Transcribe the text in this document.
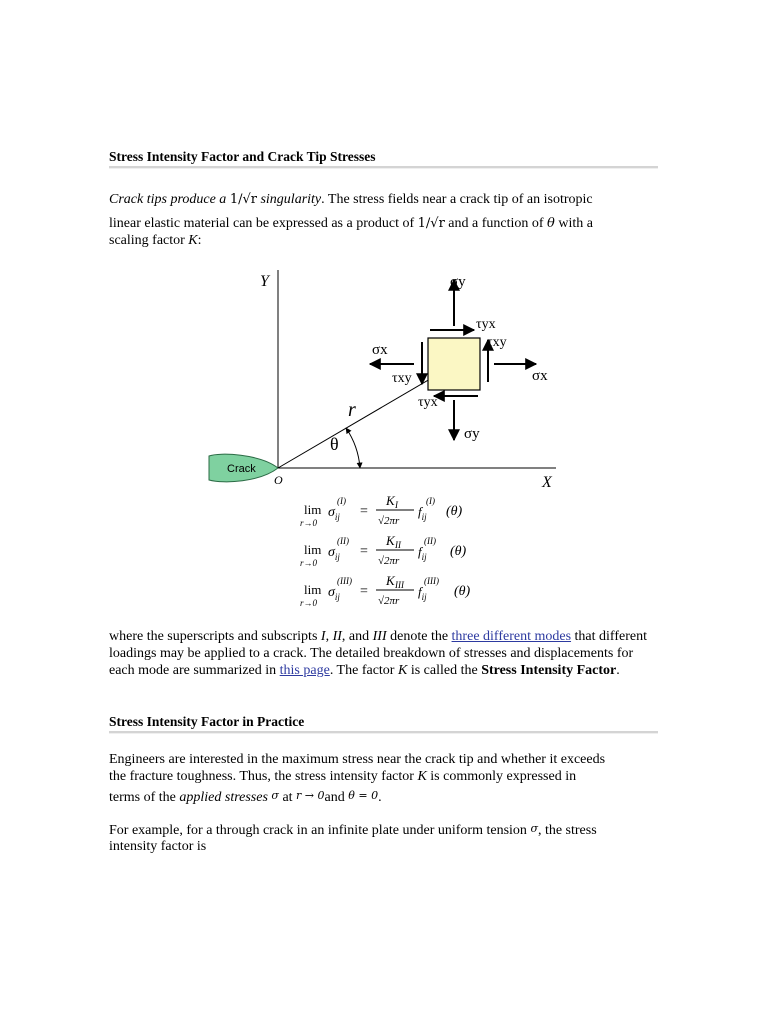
Stress Intensity Factor and Crack Tip Stresses
Crack tips produce a 1/√r singularity. The stress fields near a crack tip of an isotropic
linear elastic material can be expressed as a product of 1/√r and a function of θ with a
scaling factor K:
Y
X
O
Crack
r
θ
σy
τyx
τxy
σx
σx
τxy
τyx
σy
lim
r→0
$\sigma_{ij}$
(I)
=
K I
√2πr
$f_{ij}$
(I)
(θ)
lim
r→0
$\sigma_{ij}$
(II)
=
K II
√2πr
$f_{ij}$
(II)
(θ)
lim
r→0
$\sigma_{ij}$
(III)
=
K III
√2πr
$f_{ij}$
(III)
(θ)
where the superscripts and subscripts I, II, and III denote the three different modes that different loadings may be applied to a crack. The detailed breakdown of stresses and displacements for each mode are summarized in this page. The factor K is called the Stress Intensity Factor.
Stress Intensity Factor in Practice
Engineers are interested in the maximum stress near the crack tip and whether it exceeds
the fracture toughness. Thus, the stress intensity factor K is commonly expressed in
terms of the applied stresses σ at r → 0and θ = 0.
For example, for a through crack in an infinite plate under uniform tension σ, the stress
intensity factor is
